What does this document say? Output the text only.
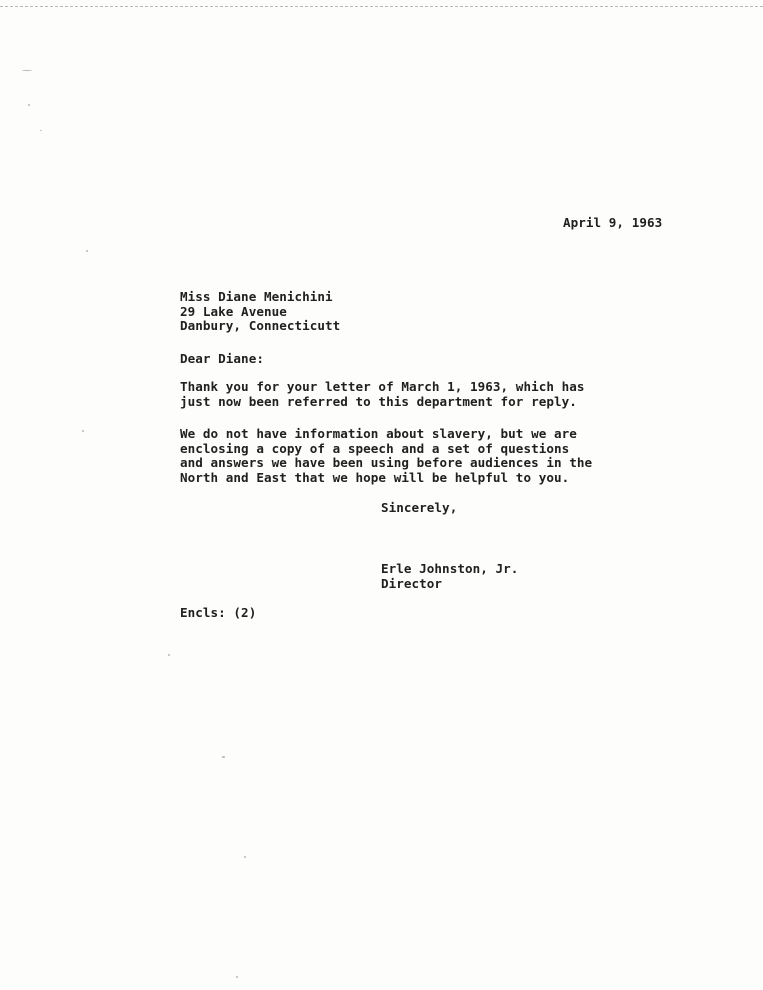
April 9, 1963
Miss Diane Menichini
29 Lake Avenue
Danbury, Connecticutt
Dear Diane:
Thank you for your letter of March 1, 1963, which has
just now been referred to this department for reply.
We do not have information about slavery, but we are
enclosing a copy of a speech and a set of questions
and answers we have been using before audiences in the
North and East that we hope will be helpful to you.
Sincerely,
Erle Johnston, Jr.
Director
Encls: (2)
